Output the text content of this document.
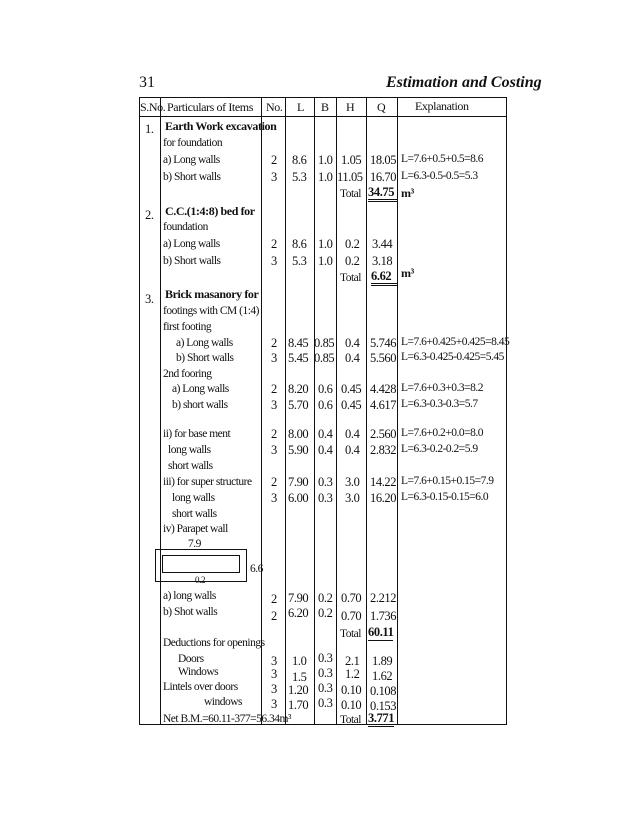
31	Estimation and Costing
S.No. Particulars of Items No. L B H Q Explanation
1. Earth Work excavation
for foundation
a) Long walls	2 8.6 1.0 1.05 18.05 L=7.6+0.5+0.5=8.6
b) Short walls	3 5.3 1.0 11.05 16.70 L=6.3-0.5-0.5=5.3
Total 34.75 m³
2. C.C.(1:4:8) bed for
foundation
a) Long walls	2 8.6 1.0 0.2 3.44
b) Short walls	3 5.3 1.0 0.2 3.18
Total 6.62 m³
3. Brick masanory for
footings with CM (1:4)
first footing
a) Long walls	2 8.45 0.85 0.4 5.746 L=7.6+0.425+0.425=8.45
b) Short walls	3 5.45 0.85 0.4 5.560 L=6.3-0.425-0.425=5.45
2nd fooring
a) Long walls	2 8.20 0.6 0.45 4.428 L=7.6+0.3+0.3=8.2
b) short walls	3 5.70 0.6 0.45 4.617 L=6.3-0.3-0.3=5.7
ii) for base ment	2 8.00 0.4 0.4 2.560 L=7.6+0.2+0.0=8.0
long walls	3 5.90 0.4 0.4 2.832 L=6.3-0.2-0.2=5.9
short walls
iii) for super structure 2 7.90 0.3 3.0 14.22 L=7.6+0.15+0.15=7.9
long walls	3 6.00 0.3 3.0 16.20 L=6.3-0.15-0.15=6.0
short walls
iv) Parapet wall
7.9
6.6
0.2
a) long walls	2 7.90 0.2 0.70 2.212
b) Shot walls	2 6.20 0.2 0.70 1.736
Total 60.11
Deductions for openings
Doors	3 1.0 0.3 2.1 1.89
Windows	3 1.5 0.3 1.2 1.62
Lintels over doors	3 1.20 0.3 0.10 0.108
windows 3 1.70 0.3 0.10 0.153
Net B.M.=60.11-377=56.34m³	Total 3.771
